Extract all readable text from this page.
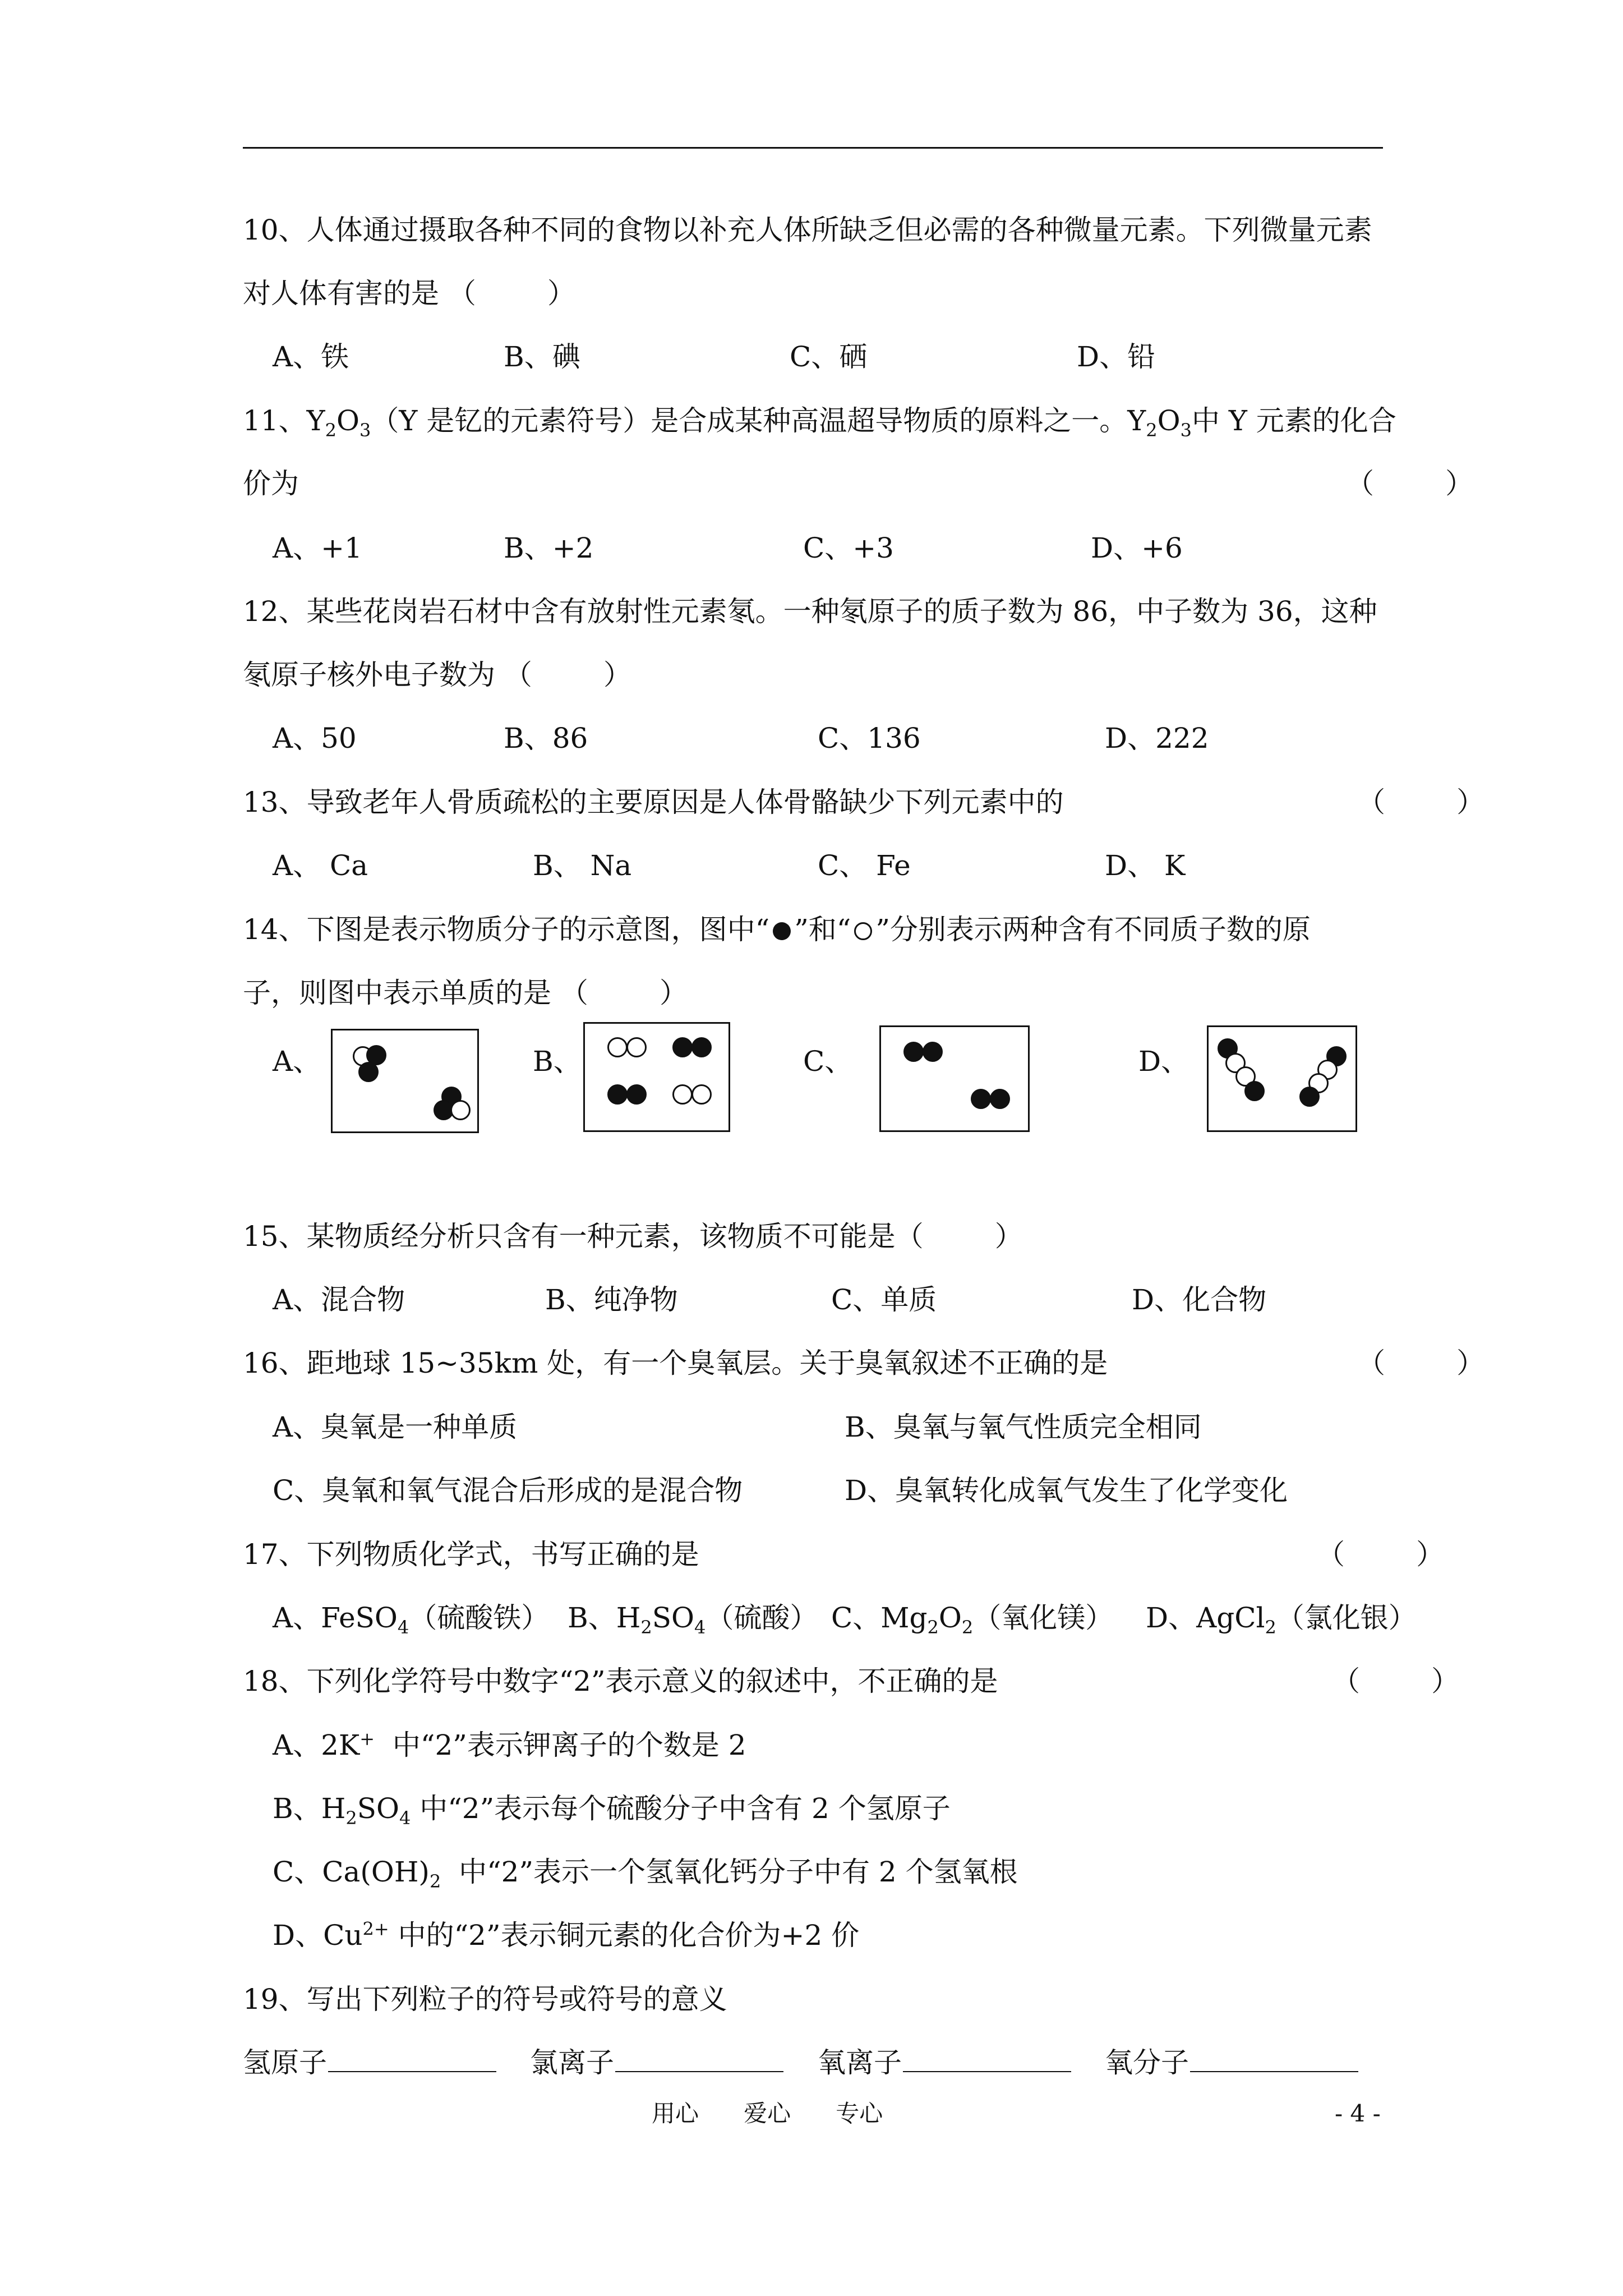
10、人体通过摄取各种不同的食物以补充人体所缺乏但必需的各种微量元素。下列微量元素
对人体有害的是 （        ）
A、铁	B、碘	C、硒	D、铅
11、$Y_2O_3(Y$ 是钇的元素符号）是合成某种高温超导物质的原料之一。$Y_2O_3$中 Y 元素的化合
价为	（        ）
A、+1	B、+2	C、+3	D、+6
12、某些花岗岩石材中含有放射性元素氡。一种氡原子的质子数为 86，中子数为 36，这种
氡原子核外电子数为 （        ）
A、50	B、86	C、136	D、222
13、导致老年人骨质疏松的主要原因是人体骨骼缺少下列元素中的	（        ）
A、 Ca	B、 Na	C、 Fe	D、 K
14、下图是表示物质分子的示意图，图中“ ”和“ ”分别表示两种含有不同质子数的原
子，则图中表示单质的是 （        ）
A、	B、	C、	D、
15、某物质经分析只含有一种元素，该物质不可能是（        ）
A、混合物	B、纯净物	C、单质	D、化合物
16、距地球 15~35km 处，有一个臭氧层。关于臭氧叙述不正确的是	（        ）
A、臭氧是一种单质	B、臭氧与氧气性质完全相同
C、臭氧和氧气混合后形成的是混合物	D、臭氧转化成氧气发生了化学变化
17、下列物质化学式，书写正确的是	（        ）
A、FeSO$_4$（硫酸铁） B、$H_2SO_4$（硫酸） C、$Mg_2O_2$（氧化镁） D、AgCl$_2$（氯化银）
18、下列化学符号中数字“2”表示意义的叙述中，不正确的是	（        ）
A、2K+  中“2”表示钾离子的个数是 2
B、$H_2SO_4$ 中“2”表示每个硫酸分子中含有 2 个氢原子
C、$Ca(OH)_2$  中“2”表示一个氢氧化钙分子中有 2 个氢氧根
D、$Cu^{2+}$ 中的“2”表示铜元素的化合价为+2 价
19、写出下列粒子的符号或符号的意义
氢原子	氯离子	氧离子	氧分子
用心      爱心      专心	- 4 -
